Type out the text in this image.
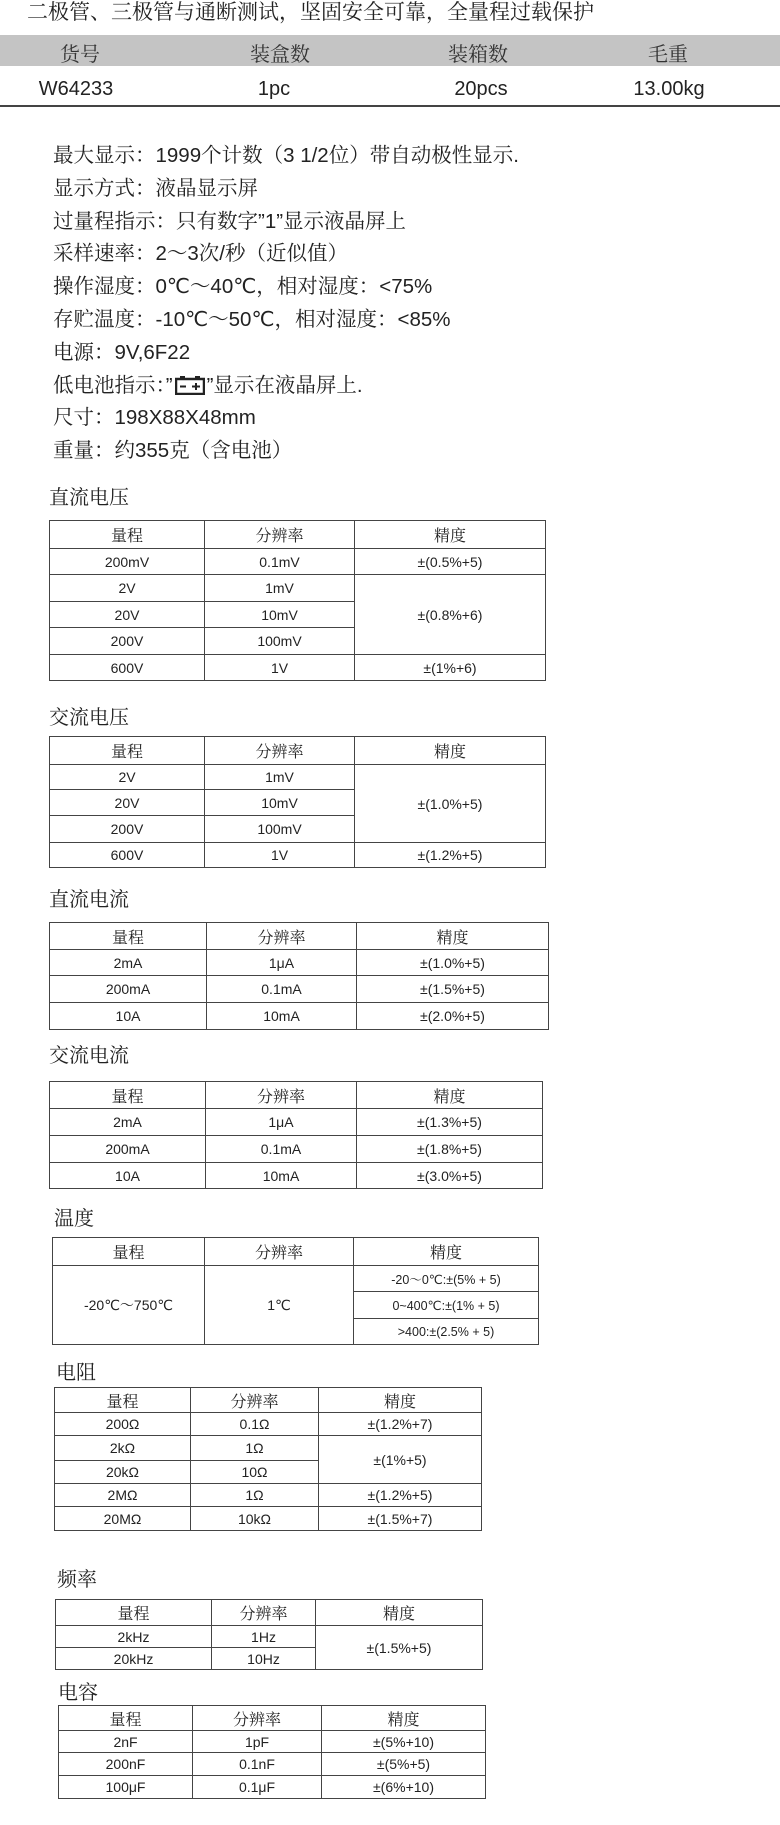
二极管、三极管与通断测试，坚固安全可靠，全量程过载保护
货号	装盒数	装箱数	毛重
W64233	1pc	20pcs	13.00kg
最大显示：1999个计数（3 1/2位）带自动极性显示.
显示方式：液晶显示屏
过量程指示：只有数字”1”显示液晶屏上
采样速率：2～3次/秒（近似值）
操作湿度：0℃～40℃，相对湿度：<75%
存贮温度：-10℃～50℃，相对湿度：<85%
电源：9V,6F22
低电池指示：” ”显示在液晶屏上.
尺寸：198X88X48mm
重量：约355克（含电池）
直流电压
量程	分辨率	精度
200mV	0.1mV	±(0.5%+5)
2V	1mV	±(0.8%+6)
20V	10mV	
200V	100mV	
600V	1V	±(1%+6)
交流电压
量程	分辨率	精度
2V	1mV	±(1.0%+5)
20V	10mV	
200V	100mV	
600V	1V	±(1.2%+5)
直流电流
量程	分辨率	精度
2mA	1μA	±(1.0%+5)
200mA	0.1mA	±(1.5%+5)
10A	10mA	±(2.0%+5)
交流电流
量程	分辨率	精度
2mA	1μA	±(1.3%+5)
200mA	0.1mA	±(1.8%+5)
10A	10mA	±(3.0%+5)
温度
量程	分辨率	精度
-20℃～750℃	1℃	-20～0℃:±(5% + 5)
		0~400℃:±(1% + 5)
		>400:±(2.5% + 5)
电阻
量程	分辨率	精度
200Ω	0.1Ω	±(1.2%+7)
2kΩ	1Ω	±(1%+5)
20kΩ	10Ω	
2MΩ	1Ω	±(1.2%+5)
20MΩ	10kΩ	±(1.5%+7)
频率
量程	分辨率	精度
2kHz	1Hz	±(1.5%+5)
20kHz	10Hz	
电容
量程	分辨率	精度
2nF	1pF	±(5%+10)
200nF	0.1nF	±(5%+5)
100μF	0.1μF	±(6%+10)
